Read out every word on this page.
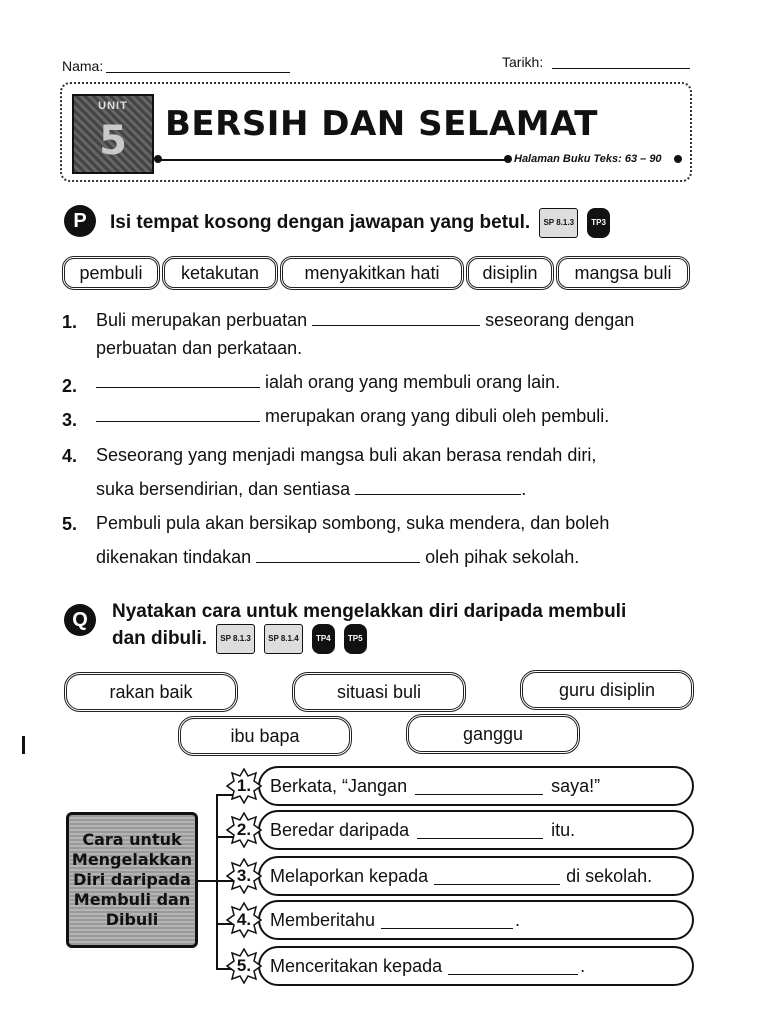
Nama:	Tarikh:
UNIT
5	BERSIH DAN SELAMAT
Halaman Buku Teks: 63 – 90
P	Isi tempat kosong dengan jawapan yang betul. SP 8.1.3 TP3
pembuli	ketakutan	menyakitkan hati	disiplin	mangsa buli
1. Buli merupakan perbuatan	seseorang dengan
perbuatan dan perkataan.
2.	ialah orang yang membuli orang lain.
3.	merupakan orang yang dibuli oleh pembuli.
4. Seseorang yang menjadi mangsa buli akan berasa rendah diri,
suka bersendirian, dan sentiasa	.
5. Pembuli pula akan bersikap sombong, suka mendera, dan boleh
dikenakan tindakan	oleh pihak sekolah.
Q	Nyatakan cara untuk mengelakkan diri daripada membuli
dan dibuli. SP 8.1.3 SP 8.1.4 TP4 TP5
rakan baik	situasi buli	guru disiplin
ibu bapa	ganggu
Cara untuk Mengelakkan Diri daripada Membuli dan Dibuli
Berkata, “Jangan	saya!”
Beredar daripada	itu.
Melaporkan kepada	di sekolah.
Memberitahu	.
Menceritakan kepada	.
1.
2.
3.
4.
5.
